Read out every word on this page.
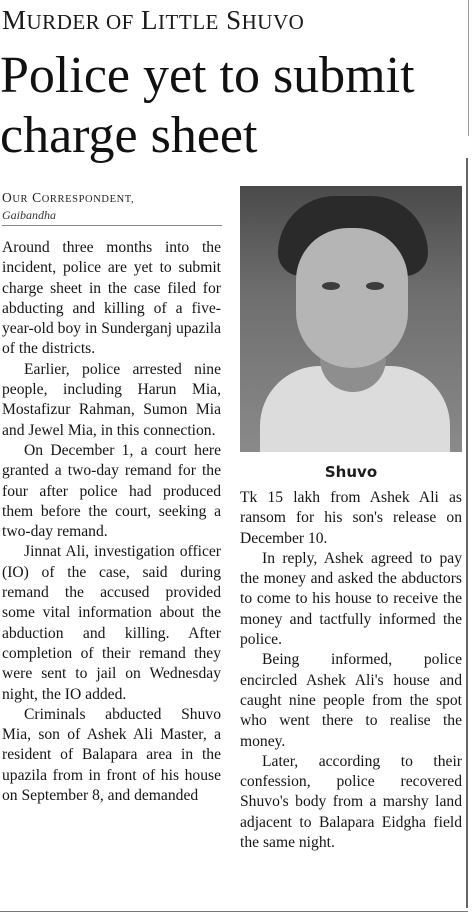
MURDER OF LITTLE SHUVO
Police yet to submit charge sheet
OUR CORRESPONDENT,
Gaibandha

Around three months into the incident, police are yet to submit charge sheet in the case filed for abducting and killing of a five-year-old boy in Sunderganj upazila of the districts.

Earlier, police arrested nine people, including Harun Mia, Mostafizur Rahman, Sumon Mia and Jewel Mia, in this connection.

On December 1, a court here granted a two-day remand for the four after police had produced them before the court, seeking a two-day remand.

Jinnat Ali, investigation officer (IO) of the case, said during remand the accused provided some vital information about the abduction and killing. After completion of their remand they were sent to jail on Wednesday night, the IO added.

Criminals abducted Shuvo Mia, son of Ashek Ali Master, a resident of Balapara area in the upazila from in front of his house on September 8, and demanded

Shuvo

Tk 15 lakh from Ashek Ali as ransom for his son's release on December 10.

In reply, Ashek agreed to pay the money and asked the abductors to come to his house to receive the money and tactfully informed the police.

Being informed, police encircled Ashek Ali's house and caught nine people from the spot who went there to realise the money.

Later, according to their confession, police recovered Shuvo's body from a marshy land adjacent to Balapara Eidgha field the same night.
